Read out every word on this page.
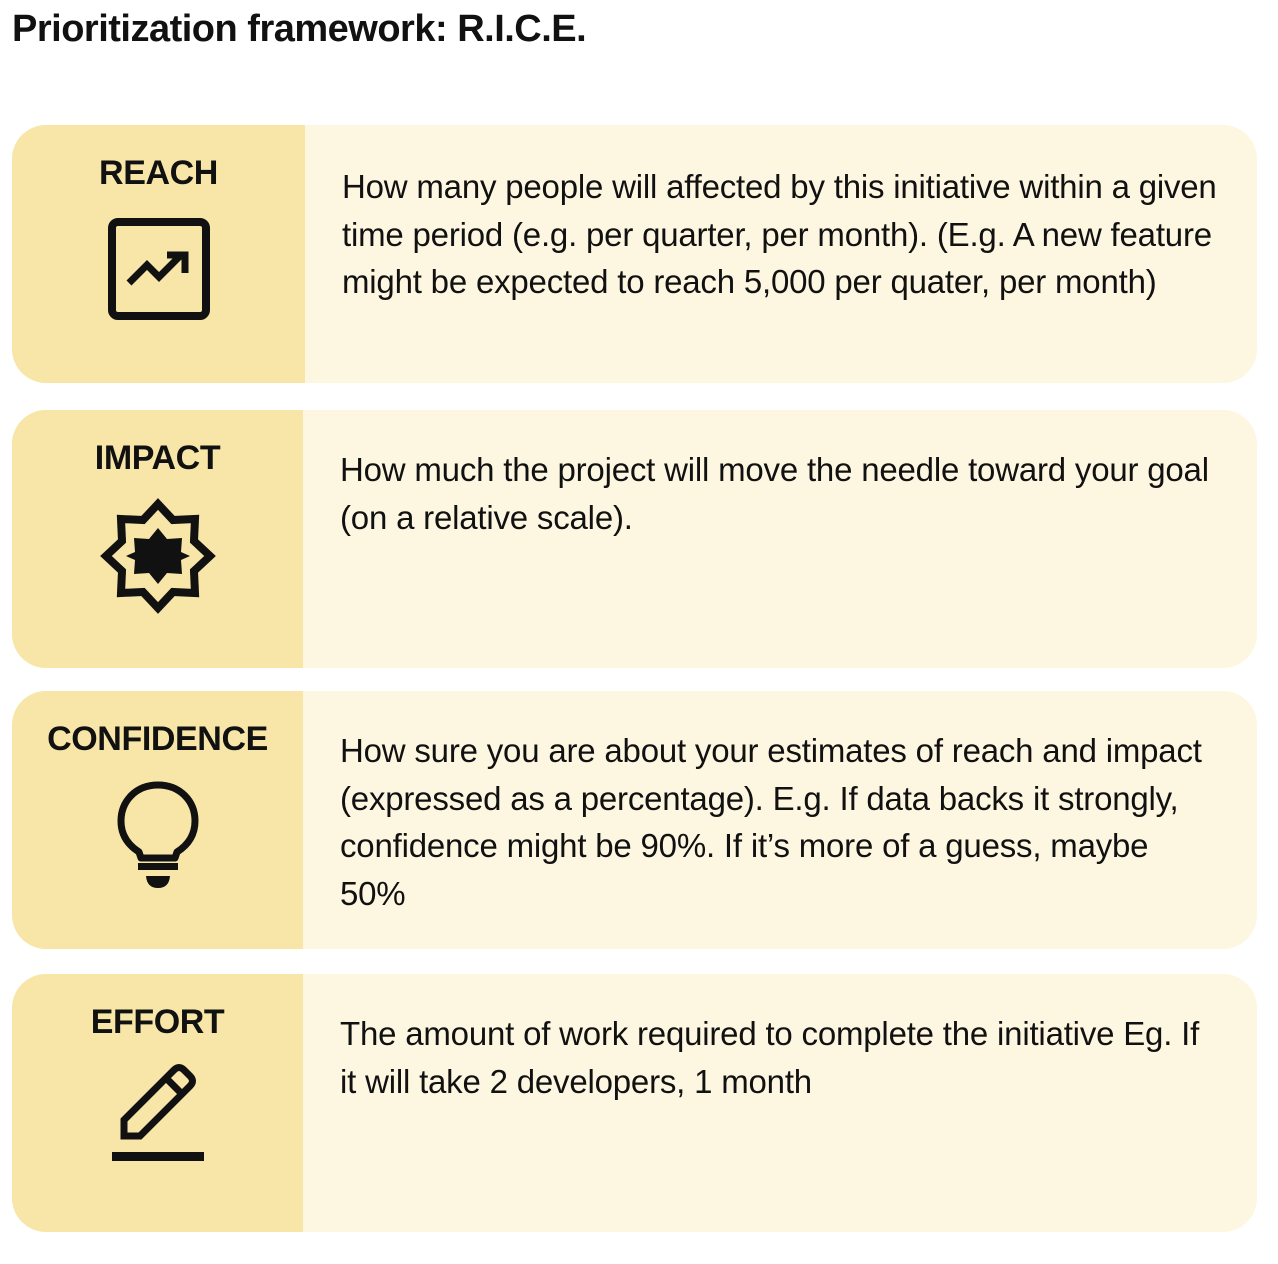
Prioritization framework: R.I.C.E.
REACH	How many people will affected by this initiative within a given time period (e.g. per quarter, per month). (E.g. A new feature might be expected to reach 5,000 per quater, per month)

IMPACT	How much the project will move the needle toward your goal (on a relative scale).

CONFIDENCE	How sure you are about your estimates of reach and impact (expressed as a percentage). E.g. If data backs it strongly, confidence might be 90%. If it’s more of a guess, maybe 50%

EFFORT	The amount of work required to complete the initiative Eg. If it will take 2 developers, 1 month
